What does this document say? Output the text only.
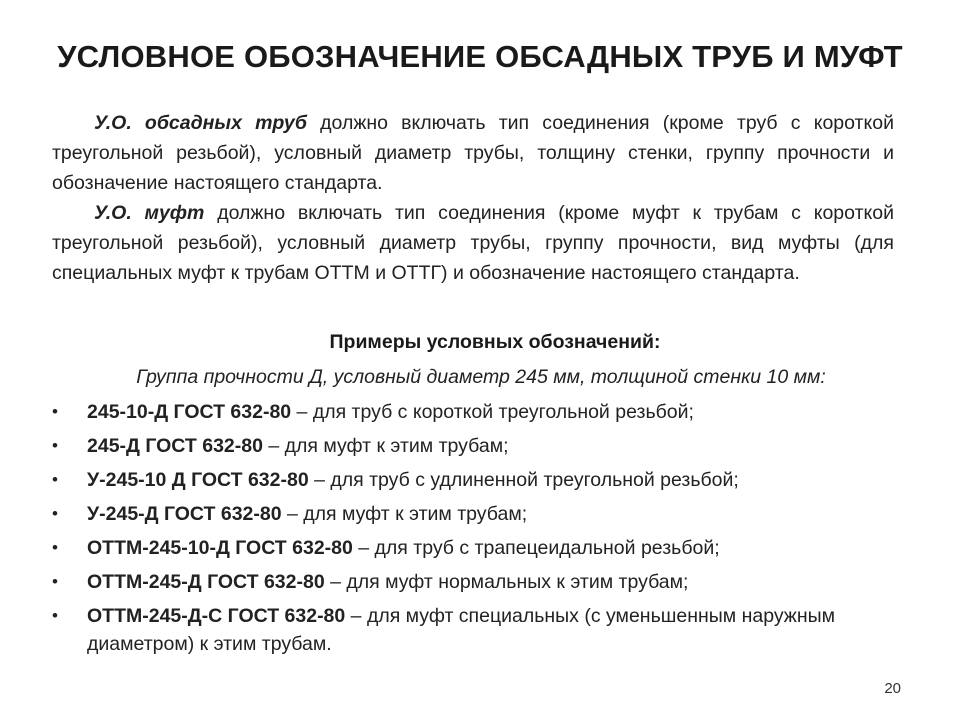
УСЛОВНОЕ ОБОЗНАЧЕНИЕ ОБСАДНЫХ ТРУБ И МУФТ

У.О. обсадных труб должно включать тип соединения (кроме труб с короткой треугольной резьбой), условный диаметр трубы, толщину стенки, группу прочности и обозначение настоящего стандарта.

У.О. муфт должно включать тип соединения (кроме муфт к трубам с короткой треугольной резьбой), условный диаметр трубы, группу прочности, вид муфты (для специальных муфт к трубам ОТТМ и ОТТГ) и обозначение настоящего стандарта.

Примеры условных обозначений:
Группа прочности Д, условный диаметр 245 мм, толщиной стенки 10 мм:
• 245-10-Д ГОСТ 632-80 – для труб с короткой треугольной резьбой;
• 245-Д ГОСТ 632-80 – для муфт к этим трубам;
• У-245-10 Д ГОСТ 632-80 – для труб с удлиненной треугольной резьбой;
• У-245-Д ГОСТ 632-80 – для муфт к этим трубам;
• ОТТМ-245-10-Д ГОСТ 632-80 – для труб с трапецеидальной резьбой;
• ОТТМ-245-Д ГОСТ 632-80 – для муфт нормальных к этим трубам;
• ОТТМ-245-Д-С ГОСТ 632-80 – для муфт специальных (с уменьшенным наружным диаметром) к этим трубам.
20
